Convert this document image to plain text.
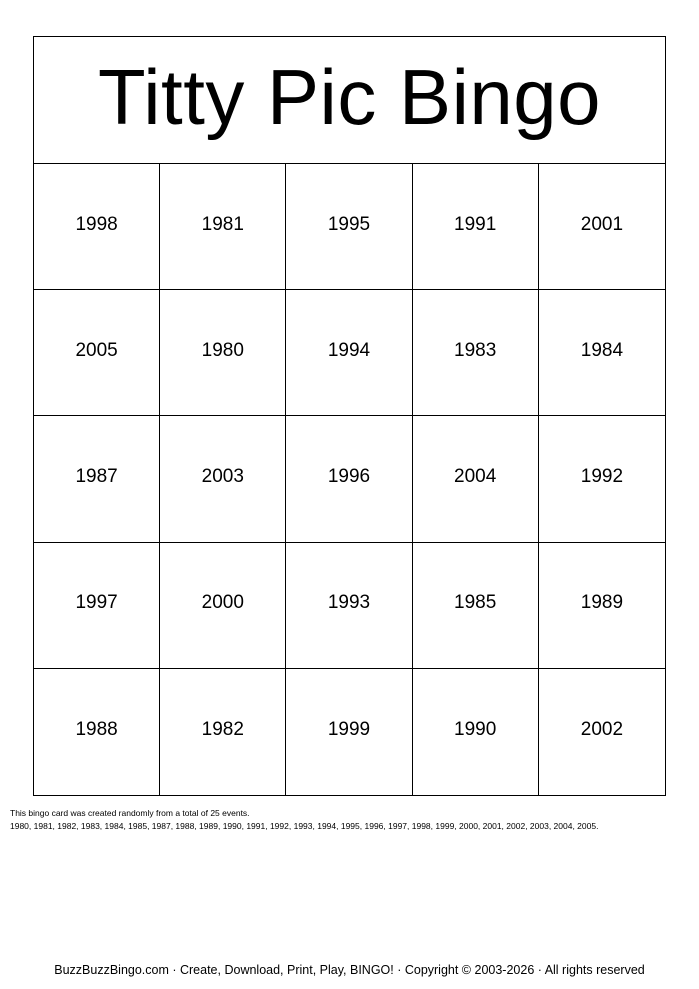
Titty Pic Bingo
1998	1981	1995	1991	2001
2005	1980	1994	1983	1984
1987	2003	1996	2004	1992
1997	2000	1993	1985	1989
1988	1982	1999	1990	2002
This bingo card was created randomly from a total of 25 events.
1980, 1981, 1982, 1983, 1984, 1985, 1987, 1988, 1989, 1990, 1991, 1992, 1993, 1994, 1995, 1996, 1997, 1998, 1999, 2000, 2001, 2002, 2003, 2004, 2005.
BuzzBuzzBingo.com · Create, Download, Print, Play, BINGO! · Copyright © 2003-2026 · All rights reserved
